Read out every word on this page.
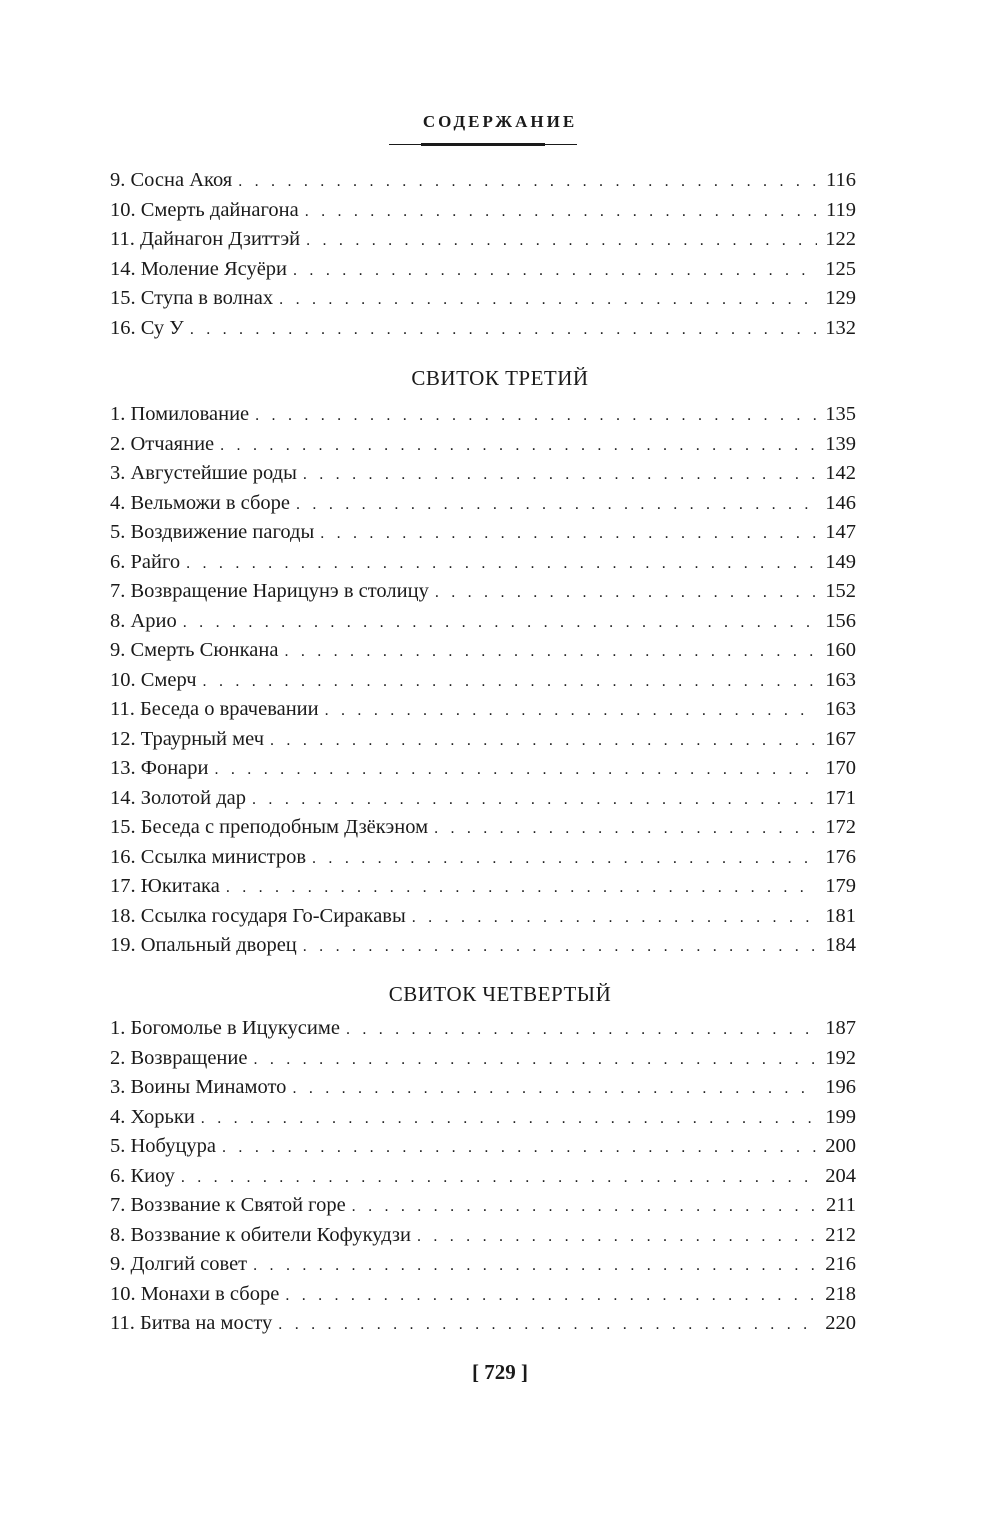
СОДЕРЖАНИЕ
9. Сосна Акоя . . .	116
10. Смерть дайнагона . . .	119
11. Дайнагон Дзиттэй . . .	122
14. Моление Ясуёри . . .	125
15. Ступа в волнах . . .	129
16. Су У . . .	132
СВИТОК ТРЕТИЙ
1. Помилование . . .	135
2. Отчаяние . . .	139
3. Августейшие роды . . .	142
4. Вельможи в сборе . . .	146
5. Воздвижение пагоды . . .	147
6. Райго . . .	149
7. Возвращение Нарицунэ в столицу . . .	152
8. Арио . . .	156
9. Смерть Сюнкана . . .	160
10. Смерч . . .	163
11. Беседа о врачевании . . .	163
12. Траурный меч . . .	167
13. Фонари . . .	170
14. Золотой дар . . .	171
15. Беседа с преподобным Дзёкэном . . .	172
16. Ссылка министров . . .	176
17. Юкитака . . .	179
18. Ссылка государя Го-Сиракавы . . .	181
19. Опальный дворец . . .	184
СВИТОК ЧЕТВЕРТЫЙ
1. Богомолье в Ицукусиме . . .	187
2. Возвращение . . .	192
3. Воины Минамото . . .	196
4. Хорьки . . .	199
5. Нобуцура . . .	200
6. Киоу . . .	204
7. Воззвание к Святой горе . . .	211
8. Воззвание к обители Кофукудзи . . .	212
9. Долгий совет . . .	216
10. Монахи в сборе . . .	218
11. Битва на мосту . . .	220
[ 729 ]
